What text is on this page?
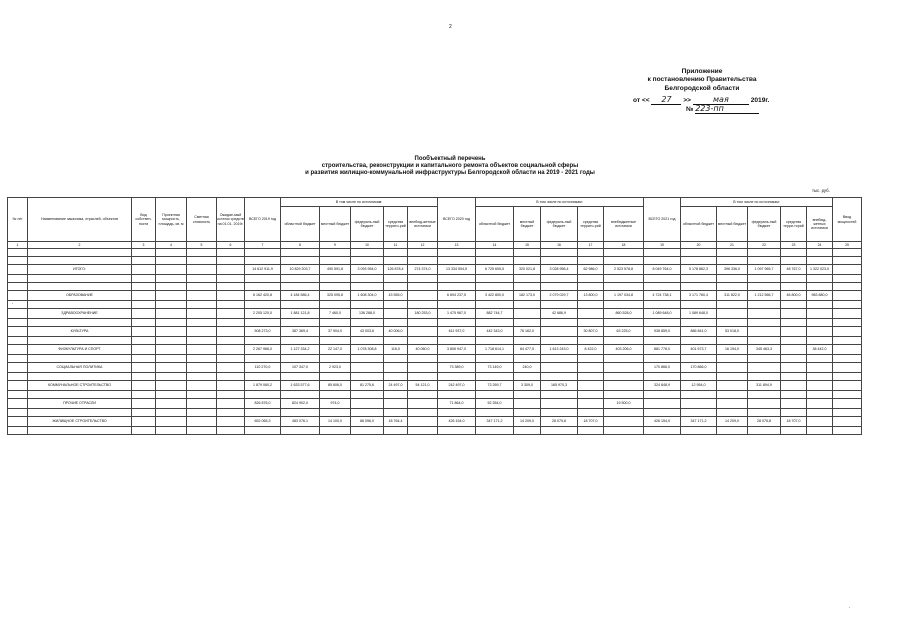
2
Приложение
к постановлению Правительства
Белгородской области
от << 27 >>	мая	2019г.
№ 223-пп
Пообъектный перечень
строительства, реконструкции и капитального ремонта объектов социальной сферы
и развития жилищно-коммунальной инфраструктуры Белгородской области на 2019 - 2021 годы
тыс. руб.
№ п/п	Наименование заказчика, отраслей, объектов	Вид собствен-ности	Проектная мощность, площадь, кв. м	Сметная стоимость	Ожидае-мый остаток средств на 01.01. 2019г.	ВСЕГО 2019 год	В том числе по источникам:					ВСЕГО 2020 год	В том числе по источникам:					ВСЕГО 2021 год	В том числе по источникам:					Ввод мощностей
							областной бюджет	местный бюджет	федераль-ный бюджет	средства террито-рий	внебюд-жетные источники		областной бюджет	местный бюджет	федераль-ный бюджет	средства террито-рий	внебюджетные источники		областной бюджет	местный бюджет	федераль-ный бюджет	средства терри-торий	внебюд-жетных источники	
1	2	3	4	5	6	7	8	9	10	11	12	13	14	15	16	17	18	19	20	21	22	23	24	25

	ИТОГО:					14 612 911,9	10 829 203,7	490 591,8	3 093 954,0	126 878,4	274 374,0	13 334 594,5	6 725 605,5	320 021,8	3 028 956,4	62 986,0	2 523 578,8	8 049 764,0	5 178 862,3	396 336,0	1 097 965,7	48 767,0	1 322 023,0	

	ОБРАЗОВАНИЕ					6 162 420,8	4 184 586,4	325 095,8	1 608 304,0	43 555,0		6 694 237,5	3 422 800,0	182 173,0	2 079 029,7	13 800,0	1 197 034,8	4 724 738,1	3 171 760,4	311 822,0	1 212 566,7	46 800,0	983 880,0	

	ЗДРАВООХРАНЕНИЕ					2 205 120,0	1 881 121,8	7 460,0	136 288,0		180 253,0	1 475 967,0	882 744,7		42 686,9		860 528,0	1 089 648,0	1 089 648,0					

	КУЛЬТУРА					508 273,0	387 369,4	37 904,0	43 003,6	40 006,0		611 937,0	442 343,0	76 162,0		30 807,0	63 225,0	938 859,0	886 841,0	53 018,0				

	ФИЗКУЛЬТУРА И СПОРТ					2 267 966,0	1 127 334,2	22 147,0	1 078 308,8	116,0	40 060,0	3 806 947,0	1 718 614,1	64 477,5	1 613 243,0	8 422,0	403 206,0	881 778,0	401 673,7	16 194,0	345 463,3		38 442,0	

	СОЦИАЛЬНАЯ ПОЛИТИКА					110 270,0	107 347,0	2 923,0				73 389,0	73 149,0	240,0				170 866,0	170 866,0					

	КОММУНАЛЬНОЕ СТРОИТЕЛЬСТВО					1 879 060,2	1 633 577,6	85 606,0	81 275,6	24 497,0	54 121,0	242 497,0	73 269,7	3 309,0	165 970,3			324 848,9	12 954,0		311 894,9			

	ПРОЧИЕ ОТРАСЛИ					826 876,0	824 902,0	974,0				71 864,0	52 354,0				19 500,0							

	ЖИЛИЩНОЕ СТРОИТЕЛЬСТВО					652 065,3	483 076,1	14 100,0	86 096,0	18 764,4		426 154,0	347 171,2	14 209,0	28 075,8	18 707,0		426 154,0	347 171,2	14 209,0	28 075,8	18 707,0		

.
.
